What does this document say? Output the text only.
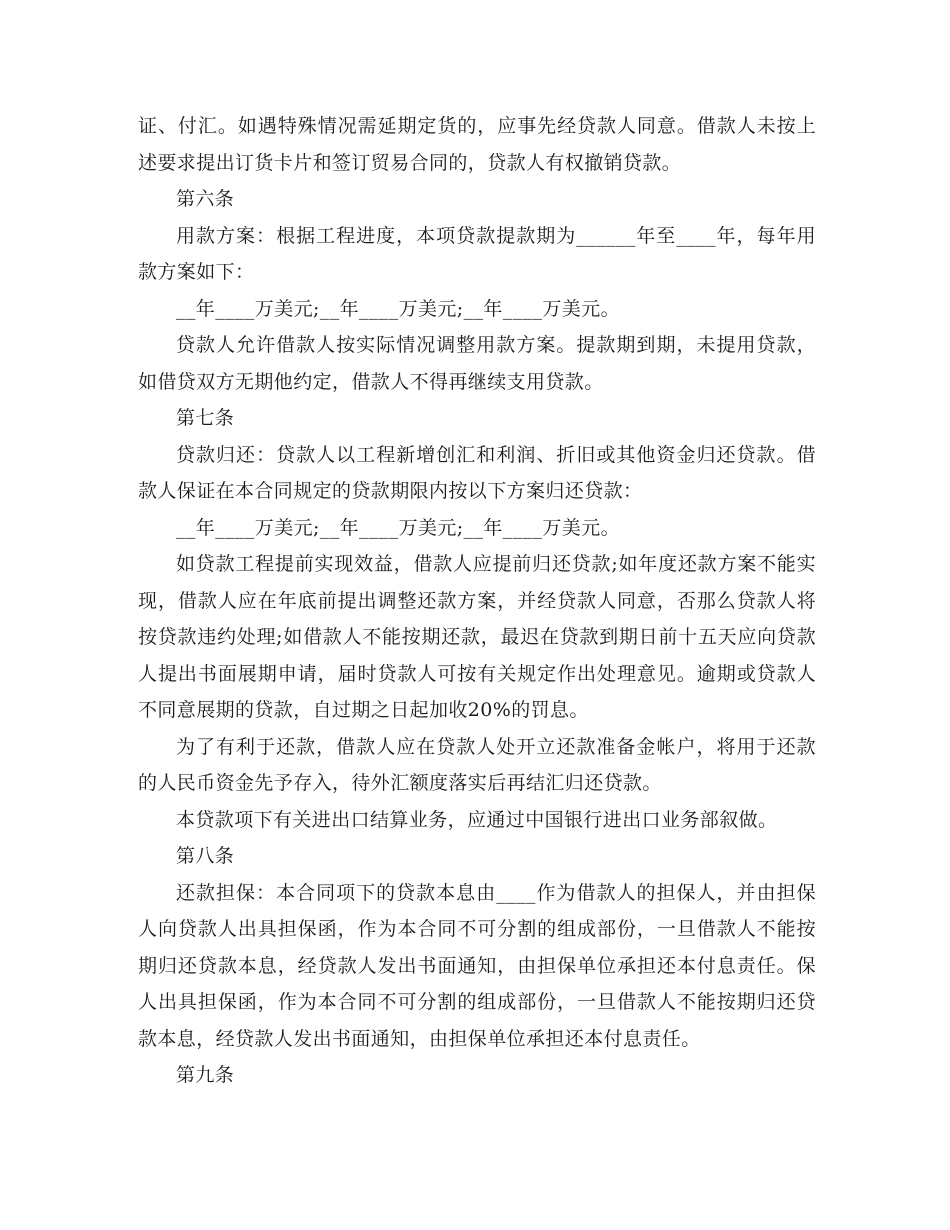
证、付汇。如遇特殊情况需延期定货的，应事先经贷款人同意。借款人未按上述要求提出订货卡片和签订贸易合同的，贷款人有权撤销贷款。

第六条

用款方案：根据工程进度，本项贷款提款期为______年至____年，每年用款方案如下：

__年____万美元;__年____万美元;__年____万美元。

贷款人允许借款人按实际情况调整用款方案。提款期到期，未提用贷款，如借贷双方无期他约定，借款人不得再继续支用贷款。

第七条

贷款归还：贷款人以工程新增创汇和利润、折旧或其他资金归还贷款。借款人保证在本合同规定的贷款期限内按以下方案归还贷款：

__年____万美元;__年____万美元;__年____万美元。

如贷款工程提前实现效益，借款人应提前归还贷款;如年度还款方案不能实现，借款人应在年底前提出调整还款方案，并经贷款人同意，否那么贷款人将按贷款违约处理;如借款人不能按期还款，最迟在贷款到期日前十五天应向贷款人提出书面展期申请，届时贷款人可按有关规定作出处理意见。逾期或贷款人不同意展期的贷款，自过期之日起加收20%的罚息。

为了有利于还款，借款人应在贷款人处开立还款准备金帐户，将用于还款的人民币资金先予存入，待外汇额度落实后再结汇归还贷款。

本贷款项下有关进出口结算业务，应通过中国银行进出口业务部叙做。

第八条

还款担保：本合同项下的贷款本息由____作为借款人的担保人，并由担保人向贷款人出具担保函，作为本合同不可分割的组成部份，一旦借款人不能按期归还贷款本息，经贷款人发出书面通知，由担保单位承担还本付息责任。保人出具担保函，作为本合同不可分割的组成部份，一旦借款人不能按期归还贷款本息，经贷款人发出书面通知，由担保单位承担还本付息责任。

第九条
